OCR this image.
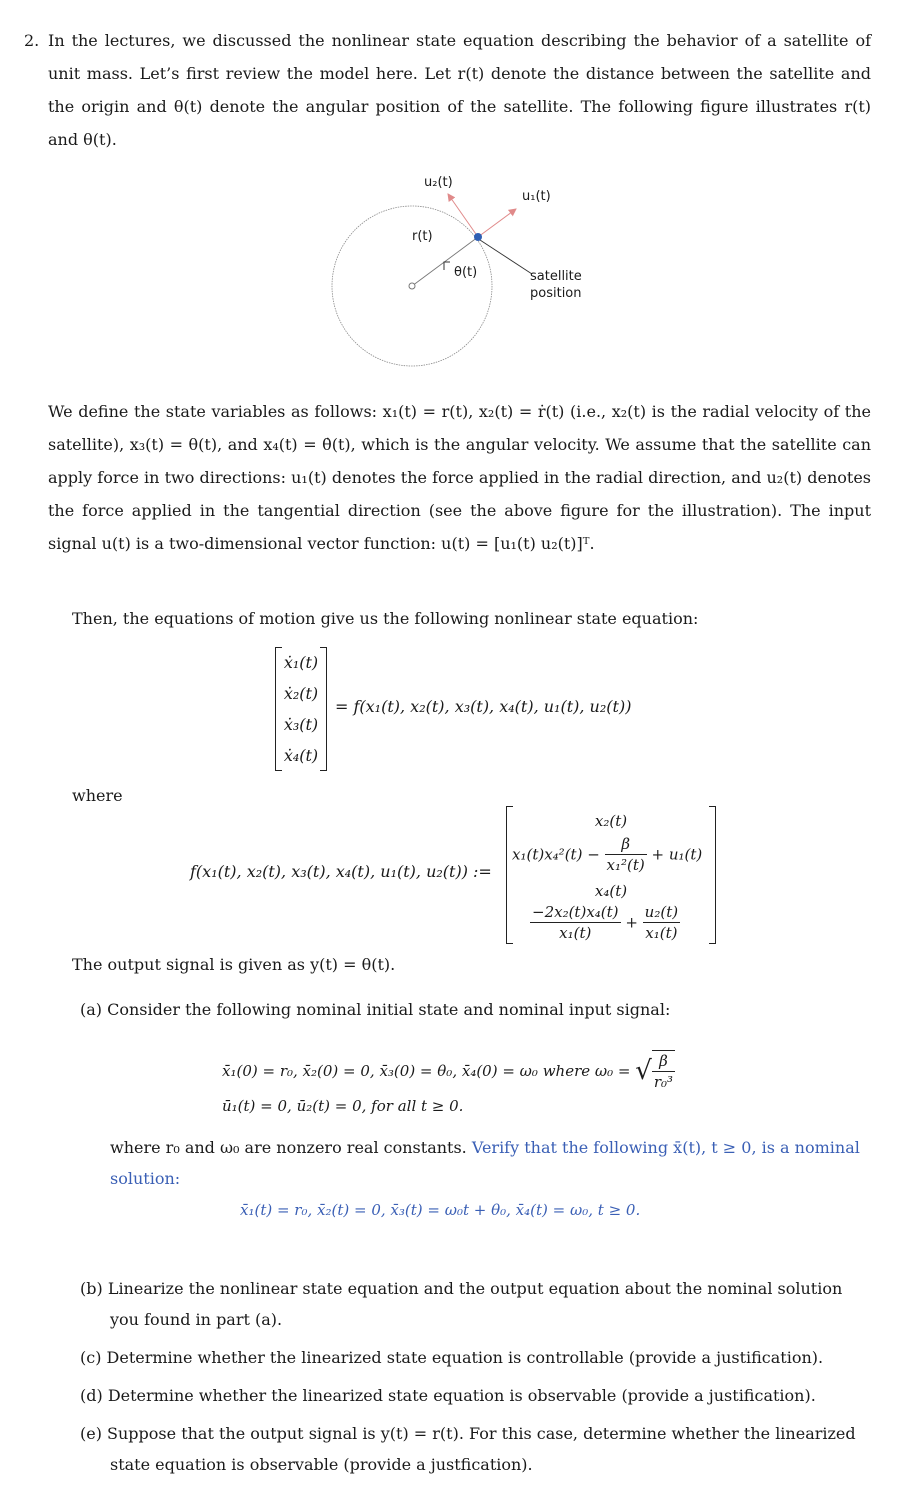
2. In the lectures, we discussed the nonlinear state equation describing the behavior of a satellite of unit mass. Let’s first review the model here. Let r(t) denote the distance between the satellite and the origin and θ(t) denote the angular position of the satellite. The following figure illustrates r(t) and θ(t).
u₂(t)
u₁(t)
r(t)
θ(t)	satellite
position
We define the state variables as follows: x₁(t) = r(t), x₂(t) = ṙ(t) (i.e., x₂(t) is the radial velocity of the satellite), x₃(t) = θ(t), and x₄(t) = θ̇(t), which is the angular velocity. We assume that the satellite can apply force in two directions: u₁(t) denotes the force applied in the radial direction, and u₂(t) denotes the force applied in the tangential direction (see the above figure for the illustration). The input signal u(t) is a two-dimensional vector function: u(t) = [u₁(t) u₂(t)]ᵀ.
Then, the equations of motion give us the following nonlinear state equation:
ẋ₁(t)
ẋ₂(t)
ẋ₃(t)
ẋ₄(t)
= f(x₁(t), x₂(t), x₃(t), x₄(t), u₁(t), u₂(t))
where
f(x₁(t), x₂(t), x₃(t), x₄(t), u₁(t), u₂(t)) :=
x₂(t)
$x_1(t)x_4^2(t) - \frac{\beta}{\text{x₁²(t)}} + u_1(t)$
x₄(t)
$\frac{\text{−2x₂(t)x₄(t)}}{\text{x₁(t)}} + \frac{\text{u₂(t)}}{\text{x₁(t)}}$
The output signal is given as y(t) = θ(t).
(a) Consider the following nominal initial state and nominal input signal:
x̄₁(0) = r₀, x̄₂(0) = 0, x̄₃(0) = θ₀, x̄₄(0) = ω₀ where ω₀ = √ $\frac{\beta}{\text{r₀³}}$
ū₁(t) = 0, ū₂(t) = 0, for all t ≥ 0.
where r₀ and ω₀ are nonzero real constants. Verify that the following x̄(t), t ≥ 0, is a nominal solution:
x̄₁(t) = r₀, x̄₂(t) = 0, x̄₃(t) = ω₀t + θ₀, x̄₄(t) = ω₀, t ≥ 0.
(b) Linearize the nonlinear state equation and the output equation about the nominal solution you found in part (a).
(c) Determine whether the linearized state equation is controllable (provide a justification).
(d) Determine whether the linearized state equation is observable (provide a justification).
(e) Suppose that the output signal is y(t) = r(t). For this case, determine whether the linearized state equation is observable (provide a justfication).
